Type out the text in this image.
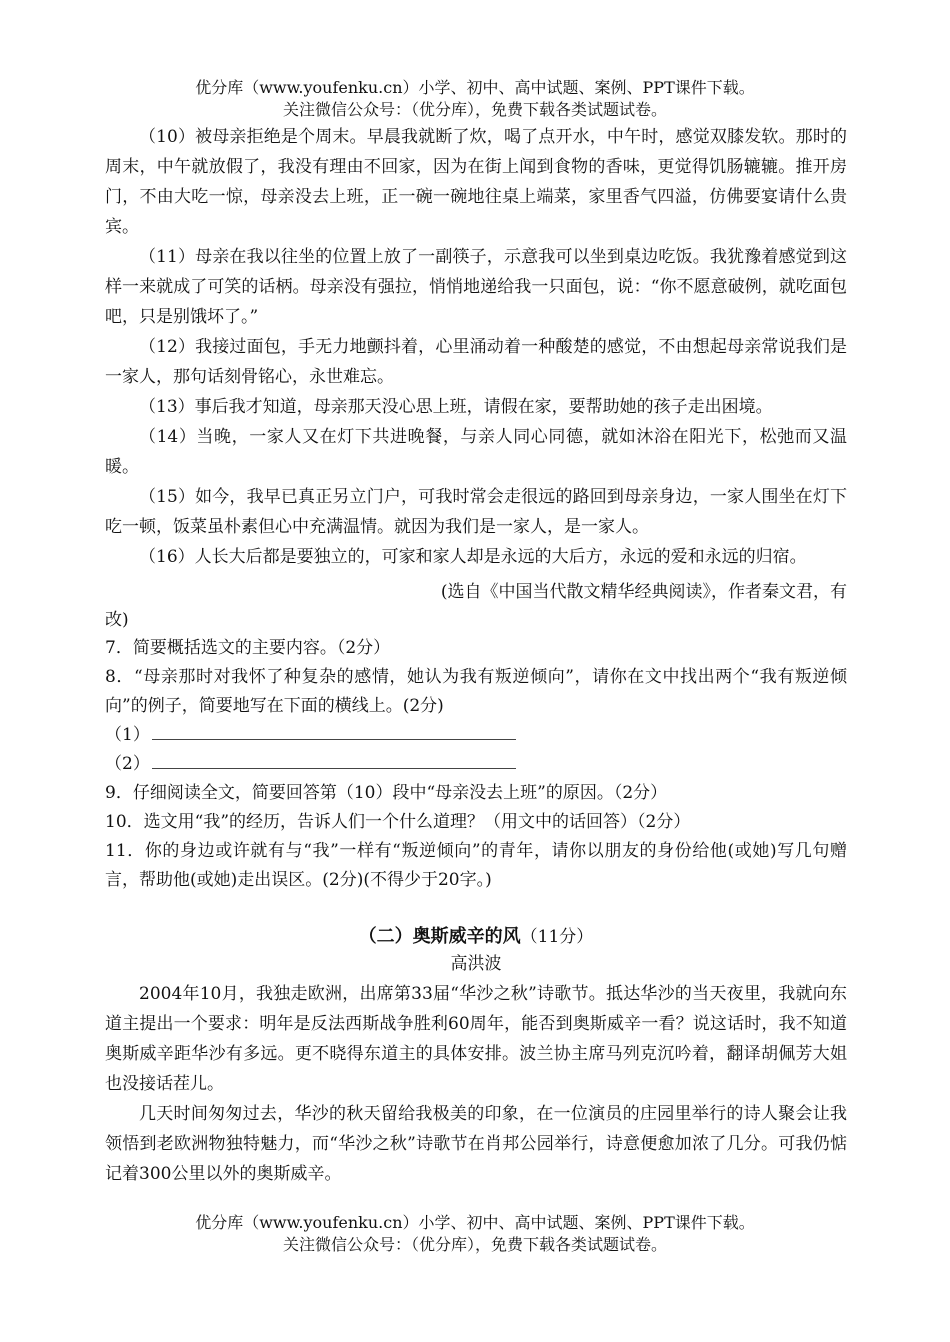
优分库（www.youfenku.cn）小学、初中、高中试题、案例、PPT课件下载。
关注微信公众号：（优分库），免费下载各类试题试卷。

（10）被母亲拒绝是个周末。早晨我就断了炊，喝了点开水，中午时，感觉双膝发软。那时的周末，中午就放假了，我没有理由不回家，因为在街上闻到食物的香味，更觉得饥肠辘辘。推开房门，不由大吃一惊，母亲没去上班，正一碗一碗地往桌上端菜，家里香气四溢，仿佛要宴请什么贵宾。

（11）母亲在我以往坐的位置上放了一副筷子，示意我可以坐到桌边吃饭。我犹豫着感觉到这样一来就成了可笑的话柄。母亲没有强拉，悄悄地递给我一只面包，说：“你不愿意破例，就吃面包吧，只是别饿坏了。”

（12）我接过面包，手无力地颤抖着，心里涌动着一种酸楚的感觉，不由想起母亲常说我们是一家人，那句话刻骨铭心，永世难忘。

（13）事后我才知道，母亲那天没心思上班，请假在家，要帮助她的孩子走出困境。

（14）当晚，一家人又在灯下共进晚餐，与亲人同心同德，就如沐浴在阳光下，松弛而又温暖。

（15）如今，我早已真正另立门户，可我时常会走很远的路回到母亲身边，一家人围坐在灯下吃一顿，饭菜虽朴素但心中充满温情。就因为我们是一家人，是一家人。

（16）人长大后都是要独立的，可家和家人却是永远的大后方，永远的爱和永远的归宿。

(选自《中国当代散文精华经典阅读》，作者秦文君，有

改)

7．简要概括选文的主要内容。（2分）

8．“母亲那时对我怀了种复杂的感情，她认为我有叛逆倾向”，请你在文中找出两个“我有叛逆倾向”的例子，简要地写在下面的横线上。(2分)

（1）

（2）

9．仔细阅读全文，简要回答第（10）段中“母亲没去上班”的原因。（2分）

10．选文用“我”的经历，告诉人们一个什么道理？（用文中的话回答）（2分）

11．你的身边或许就有与“我”一样有“叛逆倾向”的青年，请你以朋友的身份给他(或她)写几句赠言，帮助他(或她)走出误区。(2分)(不得少于20字。)

（二）奥斯威辛的风（11分）

高洪波

2004年10月，我独走欧洲，出席第33届“华沙之秋”诗歌节。抵达华沙的当天夜里，我就向东道主提出一个要求：明年是反法西斯战争胜利60周年，能否到奥斯威辛一看？说这话时，我不知道奥斯威辛距华沙有多远。更不晓得东道主的具体安排。波兰协主席马列克沉吟着，翻译胡佩芳大姐也没接话茬儿。

几天时间匆匆过去，华沙的秋天留给我极美的印象，在一位演员的庄园里举行的诗人聚会让我领悟到老欧洲物独特魅力，而“华沙之秋”诗歌节在肖邦公园举行，诗意便愈加浓了几分。可我仍惦记着300公里以外的奥斯威辛。

优分库（www.youfenku.cn）小学、初中、高中试题、案例、PPT课件下载。
关注微信公众号：（优分库），免费下载各类试题试卷。
